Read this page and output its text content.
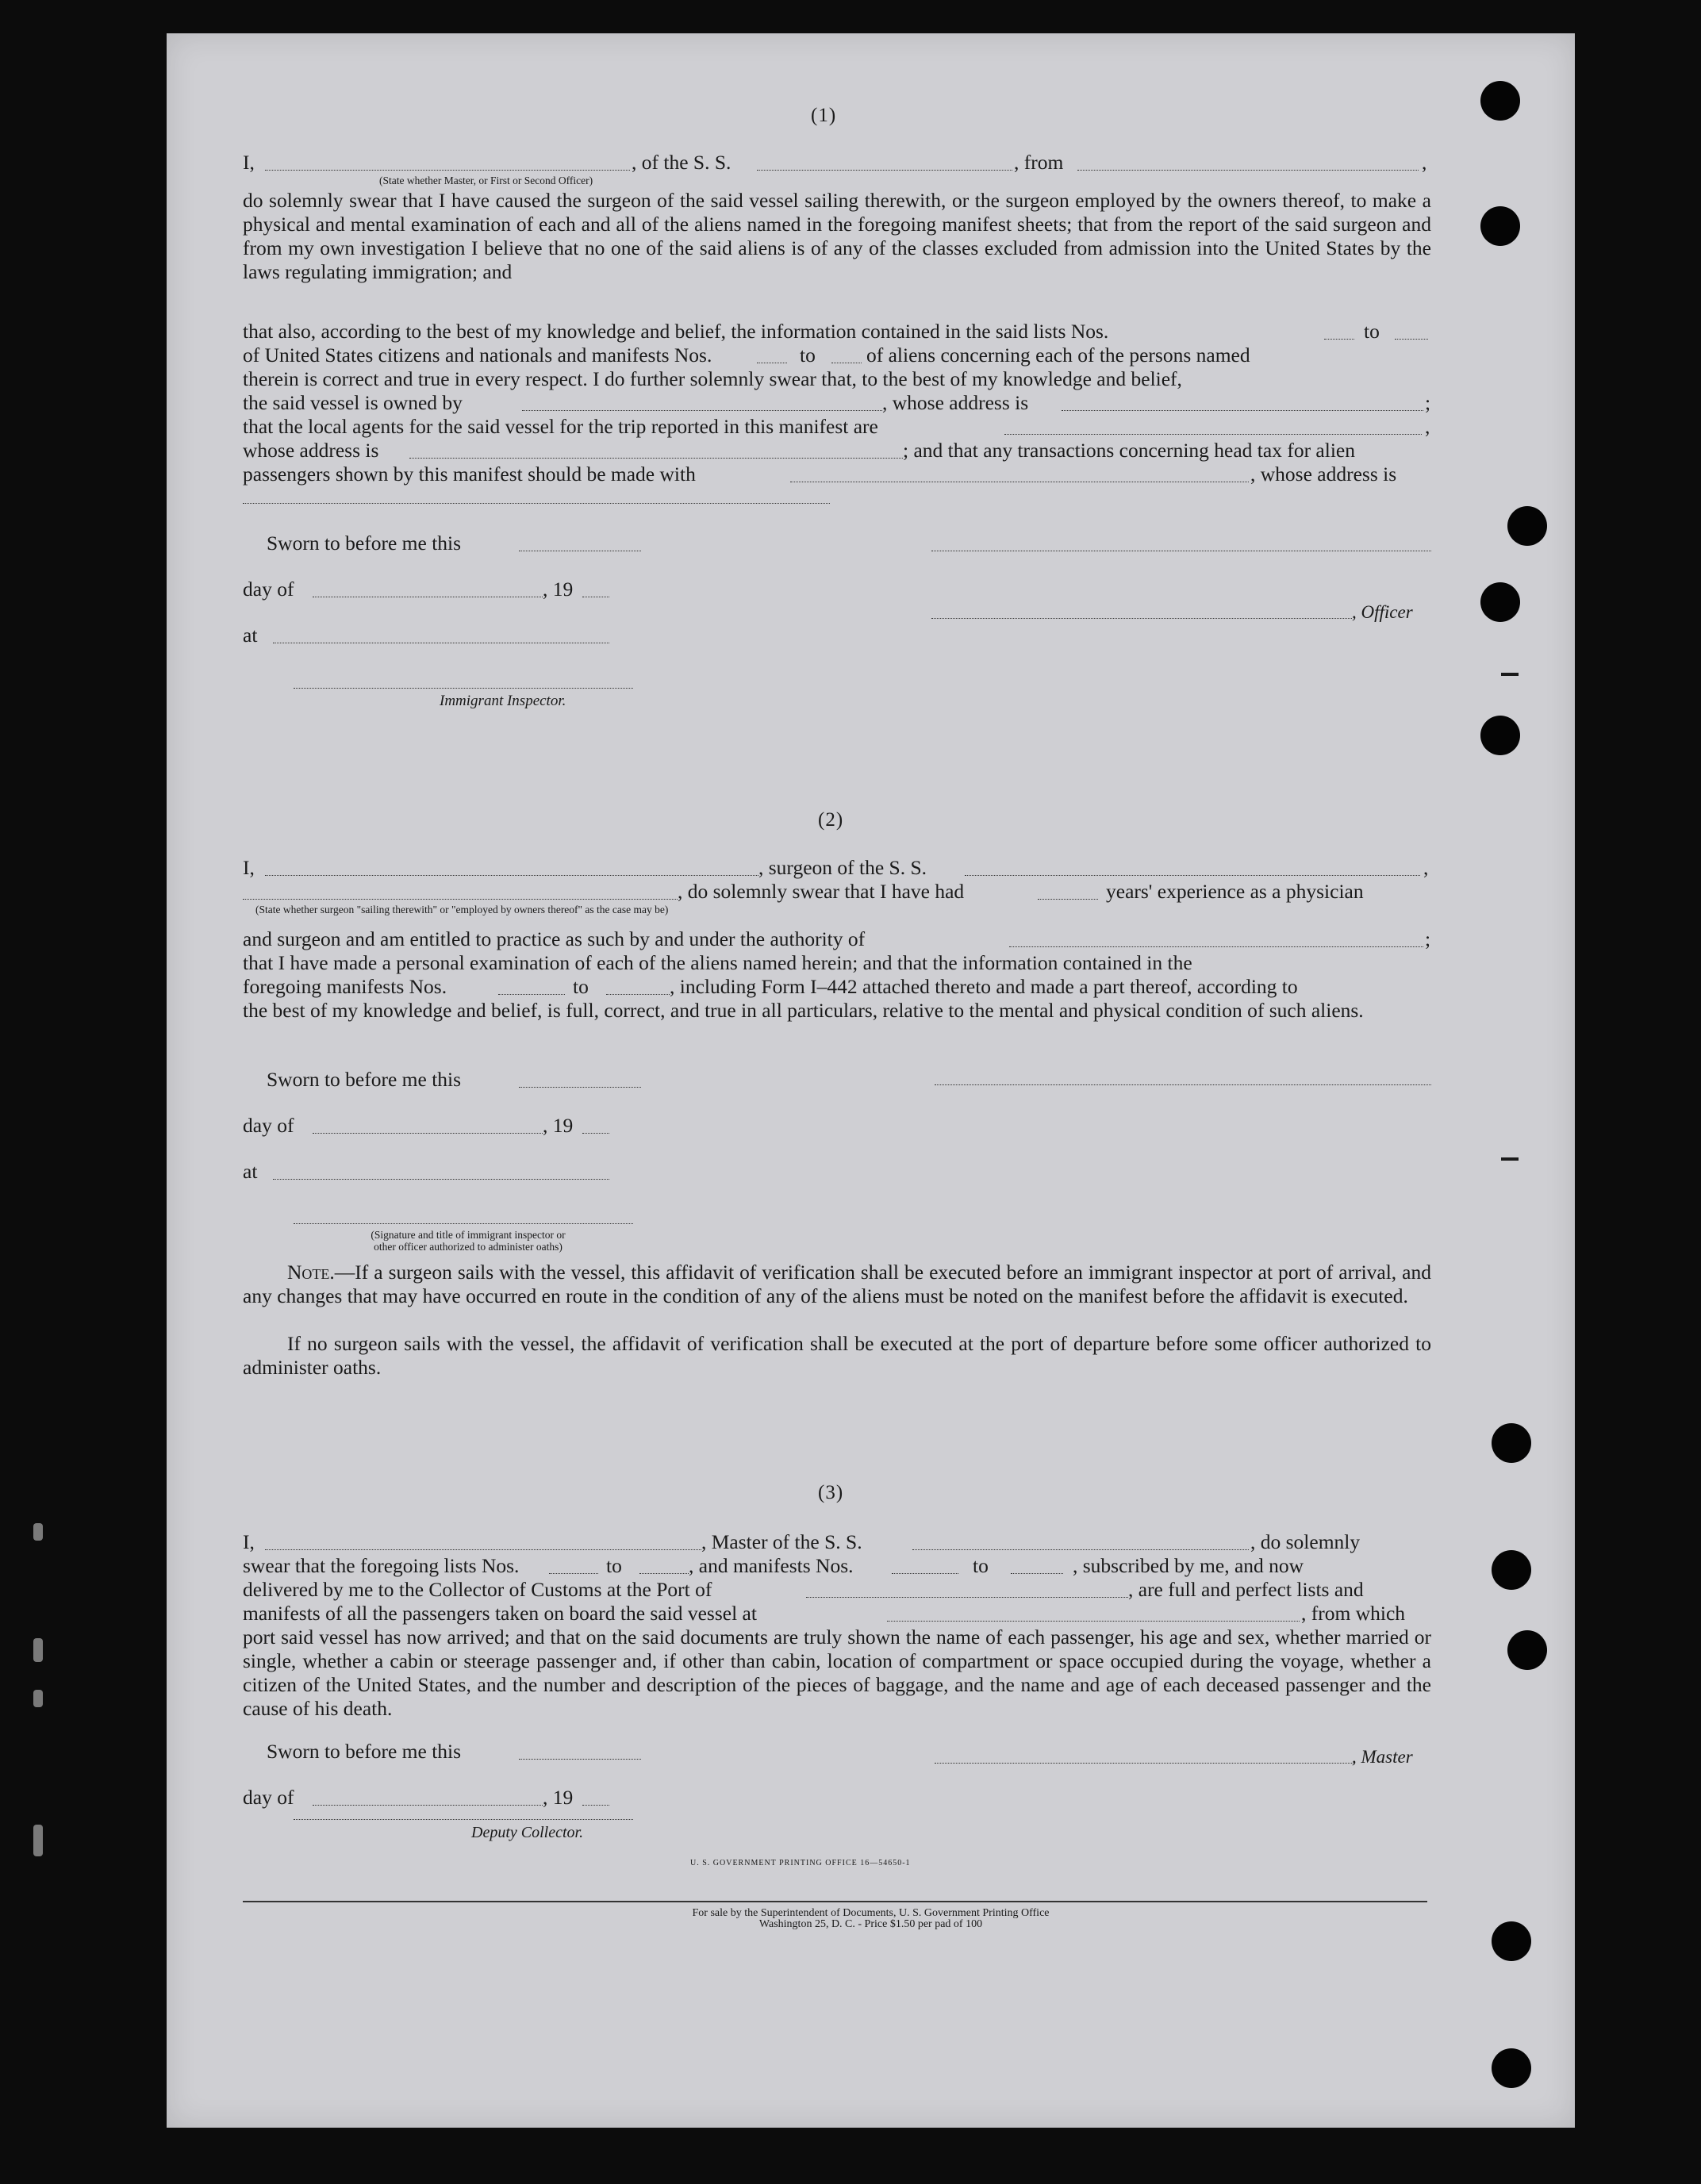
(1)
I,	, of the S. S.	, from	,
(State whether Master, or First or Second Officer)
do solemnly swear that I have caused the surgeon of the said vessel sailing therewith, or the surgeon employed by the owners thereof, to make a physical and mental examination of each and all of the aliens named in the foregoing manifest sheets; that from the report of the said surgeon and from my own investigation I believe that no one of the said aliens is of any of the classes excluded from admission into the United States by the laws regulating immigration; and
that also, according to the best of my knowledge and belief, the information contained in the said lists Nos.	to
of United States citizens and nationals and manifests Nos.	to	of aliens concerning each of the persons named
therein is correct and true in every respect. I do further solemnly swear that, to the best of my knowledge and belief,
the said vessel is owned by	, whose address is	;
that the local agents for the said vessel for the trip reported in this manifest are	,
whose address is	; and that any transactions concerning head tax for alien
passengers shown by this manifest should be made with	, whose address is
Sworn to before me this
day of	, 19
at
Immigrant Inspector.
, Officer
(2)
I,	, surgeon of the S. S.	,
, do solemnly swear that I have had	years' experience as a physician
(State whether surgeon "sailing therewith" or "employed by owners thereof" as the case may be)
and surgeon and am entitled to practice as such by and under the authority of	;
that I have made a personal examination of each of the aliens named herein; and that the information contained in the
foregoing manifests Nos.	to	, including Form I–442 attached thereto and made a part thereof, according to
the best of my knowledge and belief, is full, correct, and true in all particulars, relative to the mental and physical condition of such aliens.
Sworn to before me this
day of	, 19
at
(Signature and title of immigrant inspector or
other officer authorized to administer oaths)
Note.—If a surgeon sails with the vessel, this affidavit of verification shall be executed before an immigrant inspector at port of arrival, and any changes that may have occurred en route in the condition of any of the aliens must be noted on the manifest before the affidavit is executed.
If no surgeon sails with the vessel, the affidavit of verification shall be executed at the port of departure before some officer authorized to administer oaths.
(3)
I,	, Master of the S. S.	, do solemnly
swear that the foregoing lists Nos.	to	, and manifests Nos.	to	, subscribed by me, and now
delivered by me to the Collector of Customs at the Port of	, are full and perfect lists and
manifests of all the passengers taken on board the said vessel at	, from which
port said vessel has now arrived; and that on the said documents are truly shown the name of each passenger, his age and sex, whether married or single, whether a cabin or steerage passenger and, if other than cabin, location of compartment or space occupied during the voyage, whether a citizen of the United States, and the number and description of the pieces of baggage, and the name and age of each deceased passenger and the cause of his death.
Sworn to before me this
day of	, 19
Deputy Collector.
, Master
U. S. GOVERNMENT PRINTING OFFICE 16—54650-1
For sale by the Superintendent of Documents, U. S. Government Printing Office
Washington 25, D. C. - Price $1.50 per pad of 100
